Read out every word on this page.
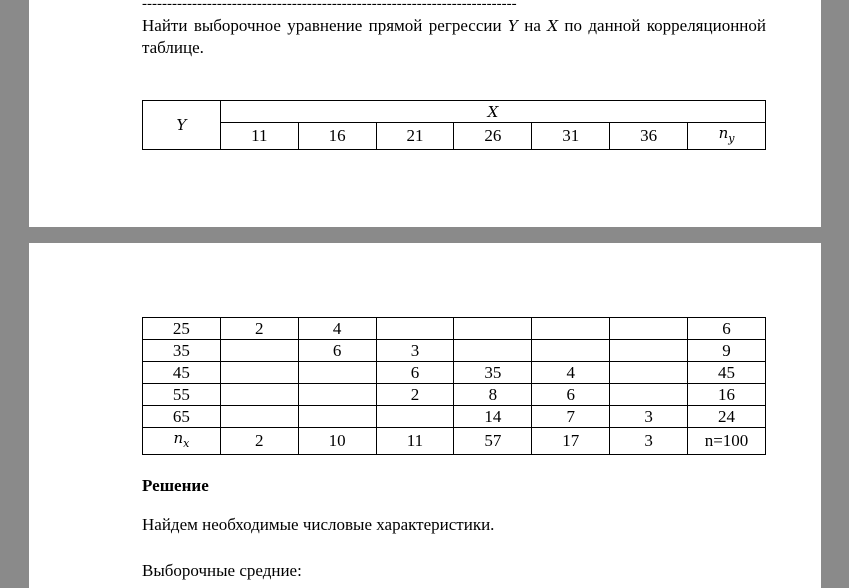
---------------------------------------------------------------------------
Найти выборочное уравнение прямой регрессии Y на X по данной корреляционной таблице.
Y	X						
	11	16	21	26	31	36	$n_y$
25	2	4					6
35		6	3				9
45			6	35	4		45
55			2	8	6		16
65				14	7	3	24
$n_x$	2	10	11	57	17	3	n=100
Решение
Найдем необходимые числовые характеристики.
Выборочные средние:
